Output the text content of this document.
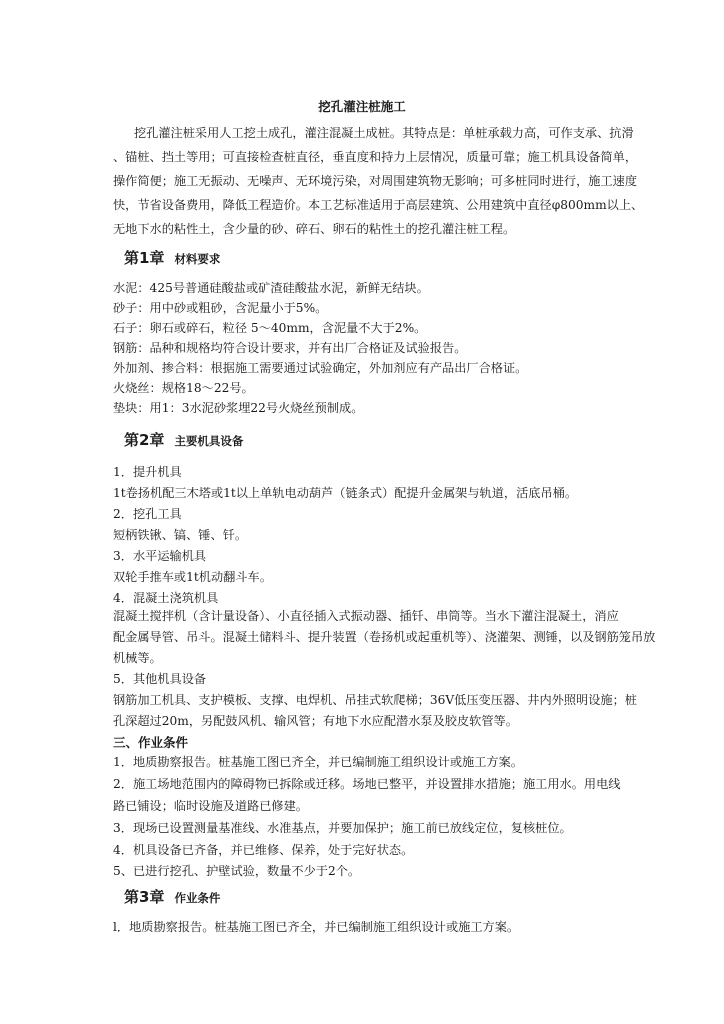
挖孔灌注桩施工
挖孔灌注桩采用人工挖土成孔，灌注混凝土成桩。其特点是：单桩承载力高，可作支承、抗滑
、锚桩、挡土等用；可直接检查桩直径，垂直度和持力上层情况，质量可靠；施工机具设备简单，
操作简便；施工无振动、无噪声、无环境污染，对周围建筑物无影响；可多桩同时进行，施工速度
快，节省设备费用，降低工程造价。本工艺标准适用于高层建筑、公用建筑中直径φ800mm以上、
无地下水的粘性土，含少量的砂、碎石、卵石的粘性土的挖孔灌注桩工程。
第1章 材料要求
水泥：425号普通硅酸盐或矿渣硅酸盐水泥，新鲜无结块。
砂子：用中砂或粗砂，含泥量小于5%。
石子：卵石或碎石，粒径 5～40mm，含泥量不大于2%。
钢筋：品种和规格均符合设计要求，并有出厂合格证及试验报告。
外加剂、掺合料：根据施工需要通过试验确定，外加剂应有产品出厂合格证。
火烧丝：规格18～22号。
垫块：用1：3水泥砂浆埋22号火烧丝预制成。
第2章 主要机具设备
1．提升机具
1t卷扬机配三木塔或1t以上单轨电动葫芦（链条式）配提升金属架与轨道，活底吊桶。
2．挖孔工具
短柄铁锹、镐、锤、钎。
3．水平运输机具
双轮手推车或1t机动翻斗车。
4．混凝土浇筑机具
混凝土搅拌机（含计量设备）、小直径插入式振动器、插钎、串筒等。当水下灌注混凝土，消应
配金属导管、吊斗。混凝土储料斗、提升装置（卷扬机或起重机等）、浇灌架、测锤，以及钢筋笼吊放
机械等。
5．其他机具设备
钢筋加工机具、支护模板、支撑、电焊机、吊挂式软爬梯；36V低压变压器、井内外照明设施；桩
孔深超过20m，另配鼓风机、输风管；有地下水应配潜水泵及胶皮软管等。
三、作业条件
1．地质勘察报告。桩基施工图已齐全，并已编制施工组织设计或施工方案。
2．施工场地范围内的障碍物已拆除或迁移。场地已整平，并设置排水措施；施工用水。用电线
路已铺设；临时设施及道路已修建。
3．现场已设置测量基准线、水准基点，并要加保护；施工前已放线定位，复核桩位。
4．机具设备已齐备，并已维修、保养，处于完好状态。
5、已进行挖孔、护壁试验，数量不少于2个。
第3章 作业条件
l．地质勘察报告。桩基施工图已齐全，并已编制施工组织设计或施工方案。
